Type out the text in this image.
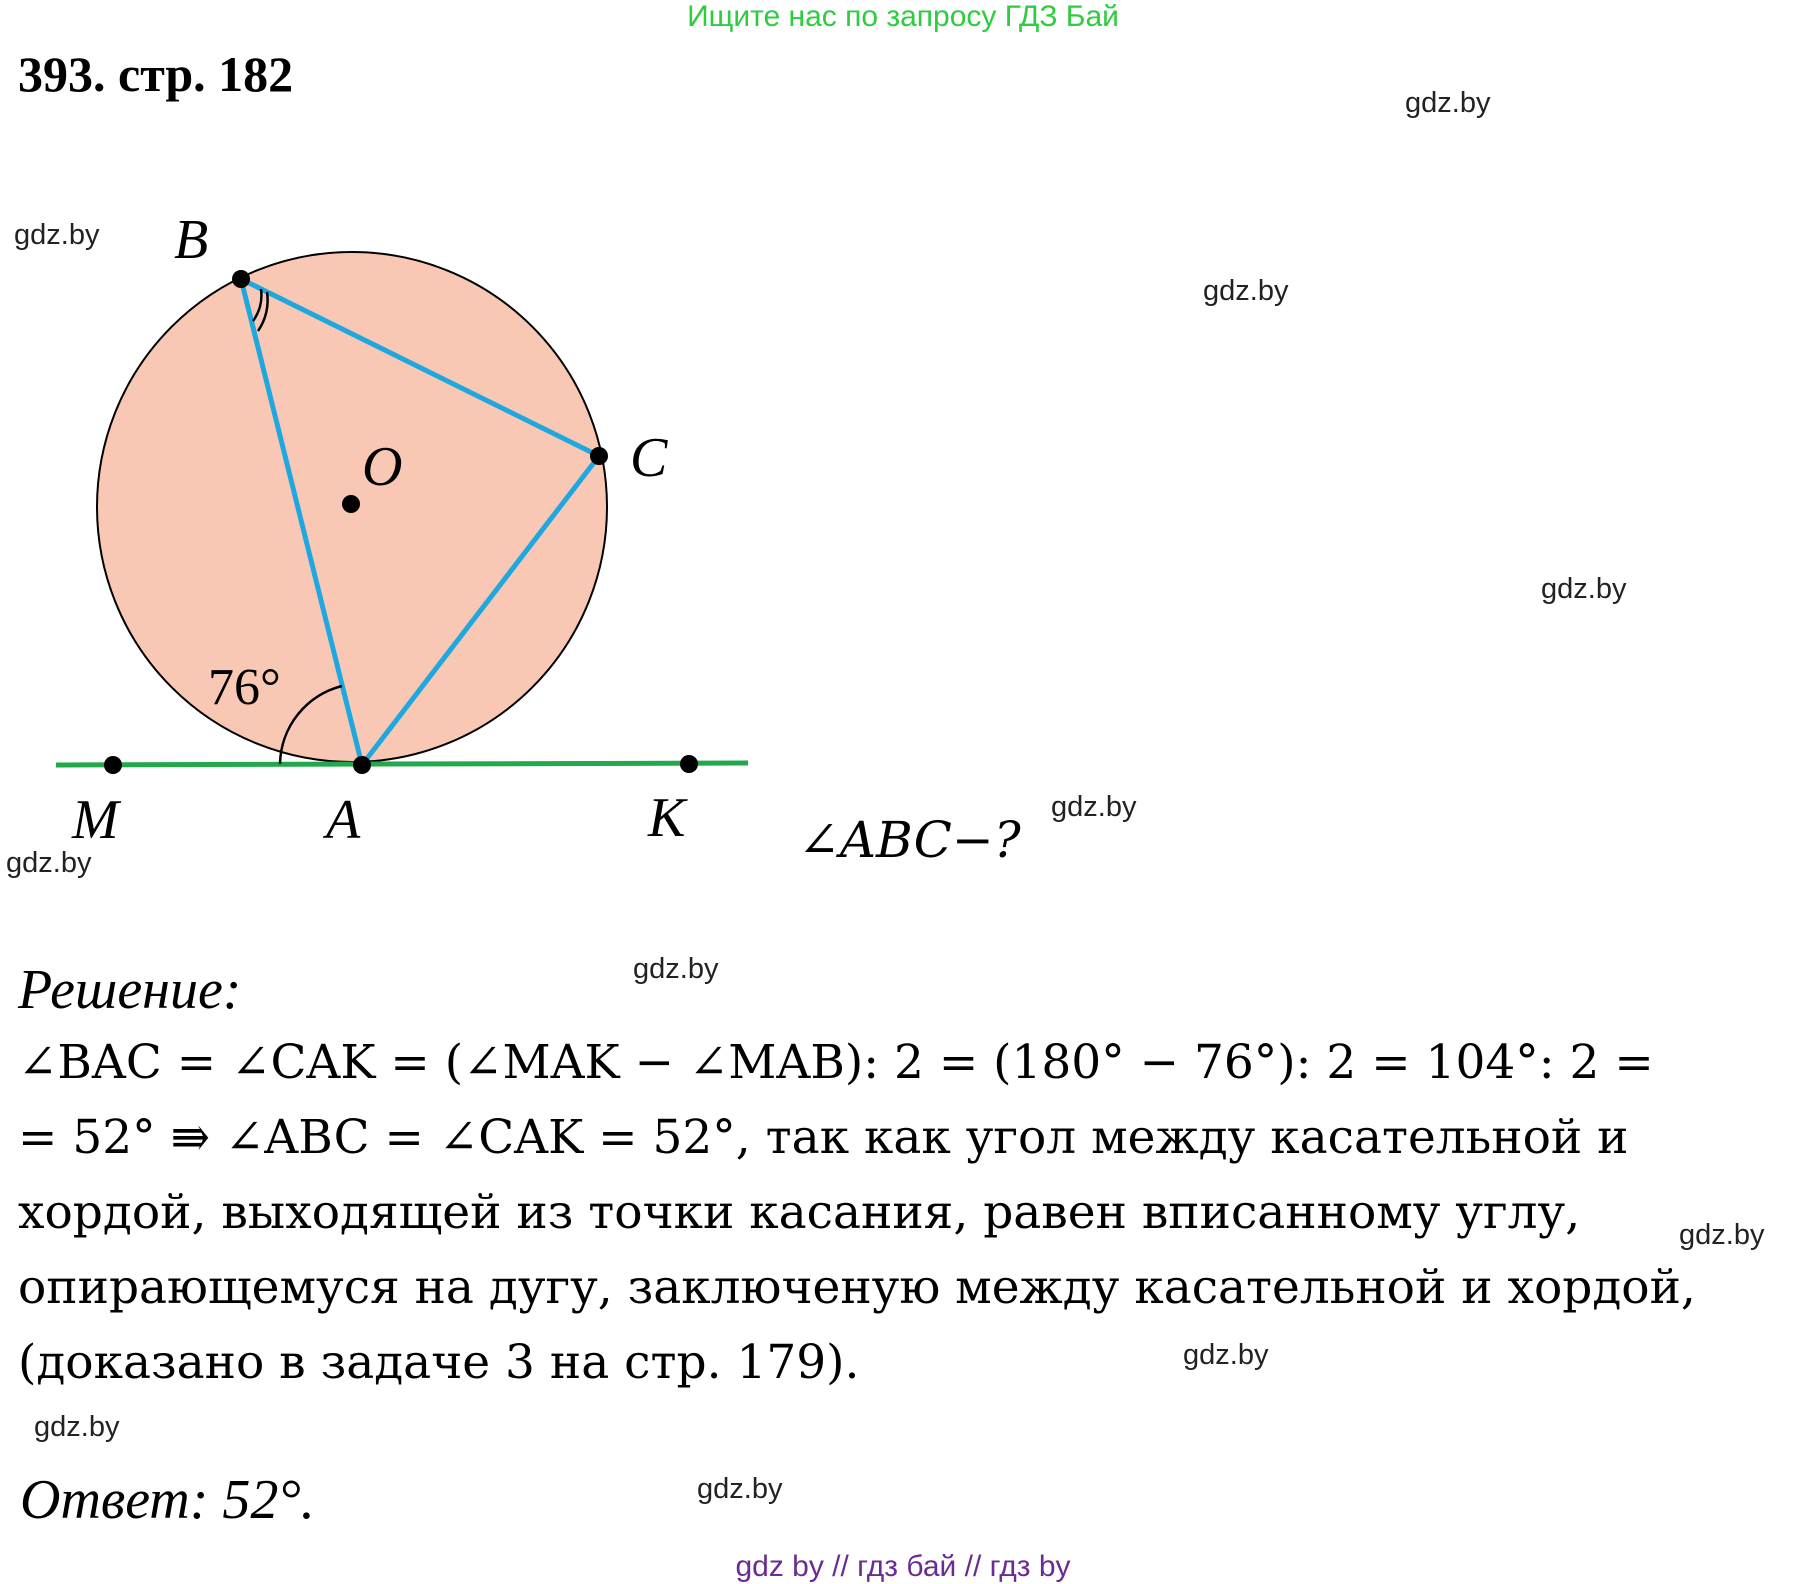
Ищите нас по запросу ГДЗ Бай
393. стр. 182
gdz.by
gdz.by
gdz.by
gdz.by
gdz.by
gdz.by
gdz.by
gdz.by
gdz.by
gdz.by
gdz.by
B
C
O
M	A	K
76°
∠ABC−?
Решение:
∠BAC = ∠CAK = (∠MAK − ∠MAB): 2 = (180° − 76°): 2 = 104°: 2 =
= 52° ⇛ ∠ABC = ∠CAK = 52°, так как угол между касательной и
хордой, выходящей из точки касания, равен вписанному углу,
опирающемуся на дугу, заключеную между касательной и хордой,
(доказано в задаче 3 на стр. 179).
Ответ: 52°.
gdz by // гдз бай // гдз by
